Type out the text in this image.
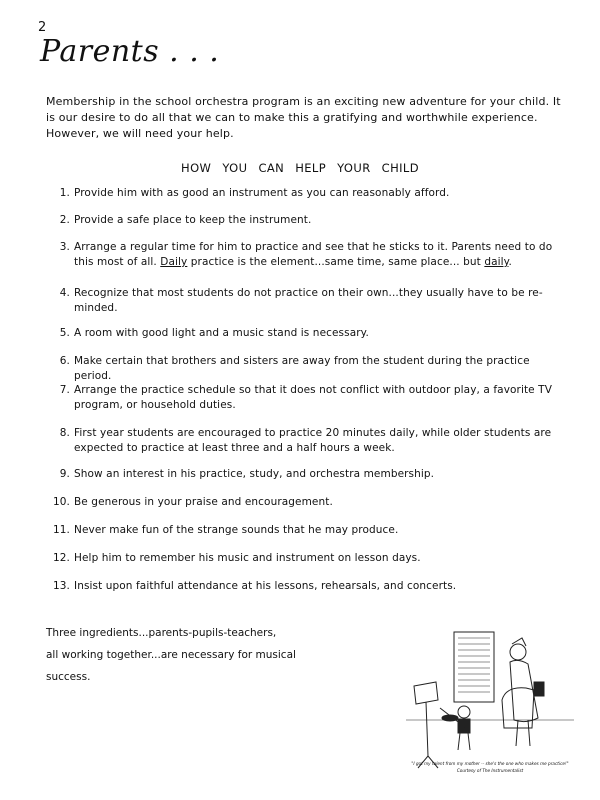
2
Parents . . .
Membership in the school orchestra program is an exciting new adventure for your child. It is our desire to do all that we can to make this a gratifying and worthwhile experience. However, we will need your help.
HOW YOU CAN HELP YOUR CHILD
1. Provide him with as good an instrument as you can reasonably afford.
2. Provide a safe place to keep the instrument.
3. Arrange a regular time for him to practice and see that he sticks to it. Parents need to do this most of all. Daily practice is the element...same time, same place... but daily.
4. Recognize that most students do not practice on their own...they usually have to be re-minded.
5. A room with good light and a music stand is necessary.
6. Make certain that brothers and sisters are away from the student during the practice period.
7. Arrange the practice schedule so that it does not conflict with outdoor play, a favorite TV program, or household duties.
8. First year students are encouraged to practice 20 minutes daily, while older students are expected to practice at least three and a half hours a week.
9. Show an interest in his practice, study, and orchestra membership.
10. Be generous in your praise and encouragement.
11. Never make fun of the strange sounds that he may produce.
12. Help him to remember his music and instrument on lesson days.
13. Insist upon faithful attendance at his lessons, rehearsals, and concerts.
Three ingredients...parents-pupils-teachers,
all working together...are necessary for musical
success.
"I got my talent from my mother -- she's the one who makes me practice!"
Courtesy of The Instrumentalist
